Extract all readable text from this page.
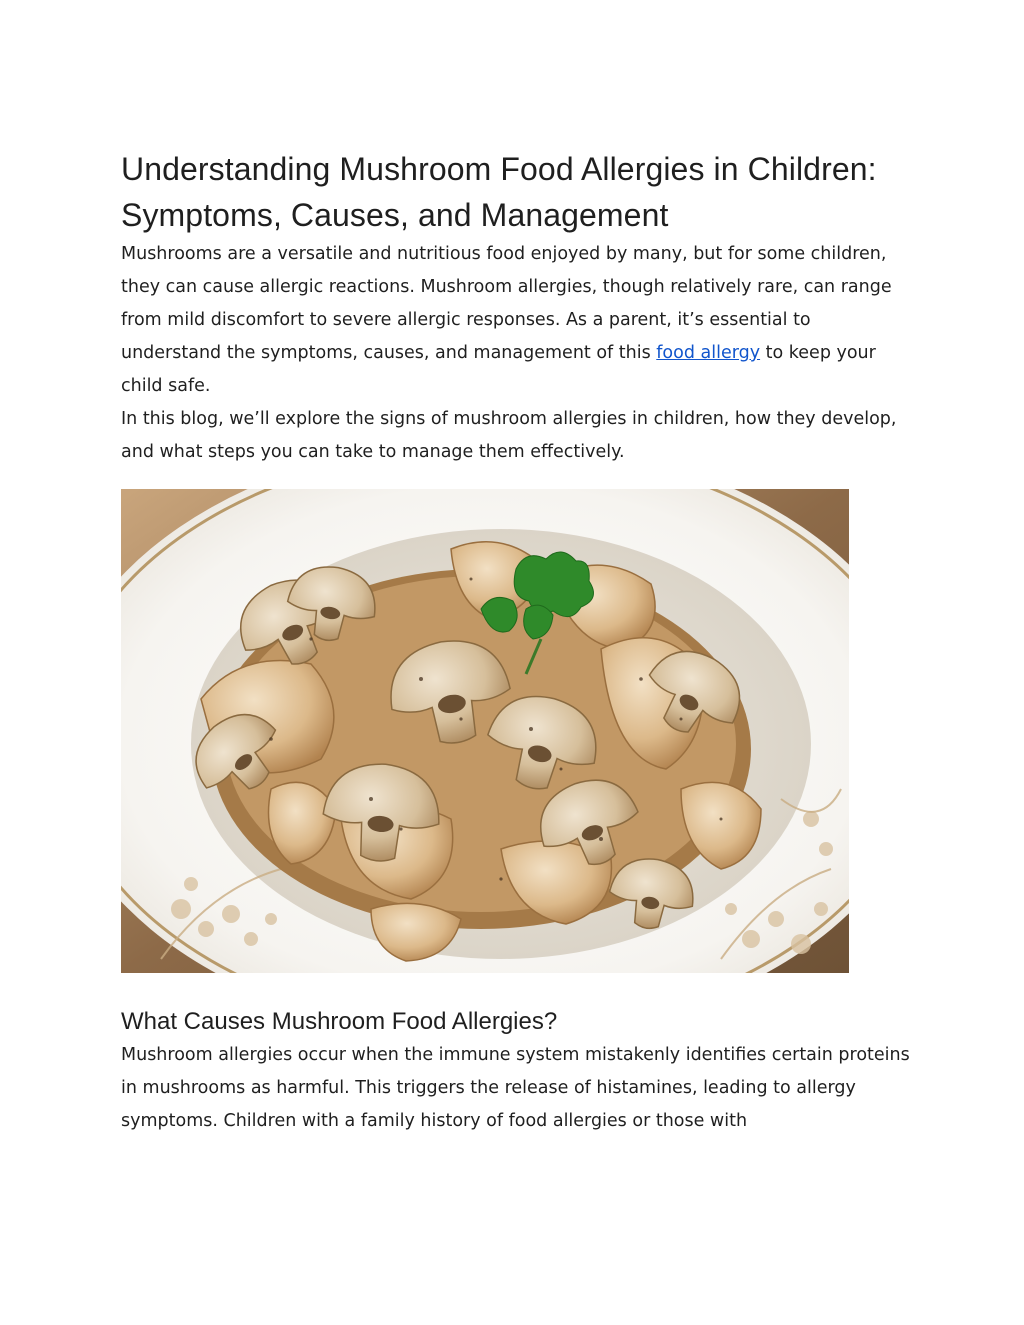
Understanding Mushroom Food Allergies in Children: Symptoms, Causes, and Management

Mushrooms are a versatile and nutritious food enjoyed by many, but for some children, they can cause allergic reactions. Mushroom allergies, though relatively rare, can range from mild discomfort to severe allergic responses. As a parent, it’s essential to understand the symptoms, causes, and management of this food allergy to keep your child safe.

In this blog, we’ll explore the signs of mushroom allergies in children, how they develop, and what steps you can take to manage them effectively.

What Causes Mushroom Food Allergies?

Mushroom allergies occur when the immune system mistakenly identifies certain proteins in mushrooms as harmful. This triggers the release of histamines, leading to allergy symptoms. Children with a family history of food allergies or those with
